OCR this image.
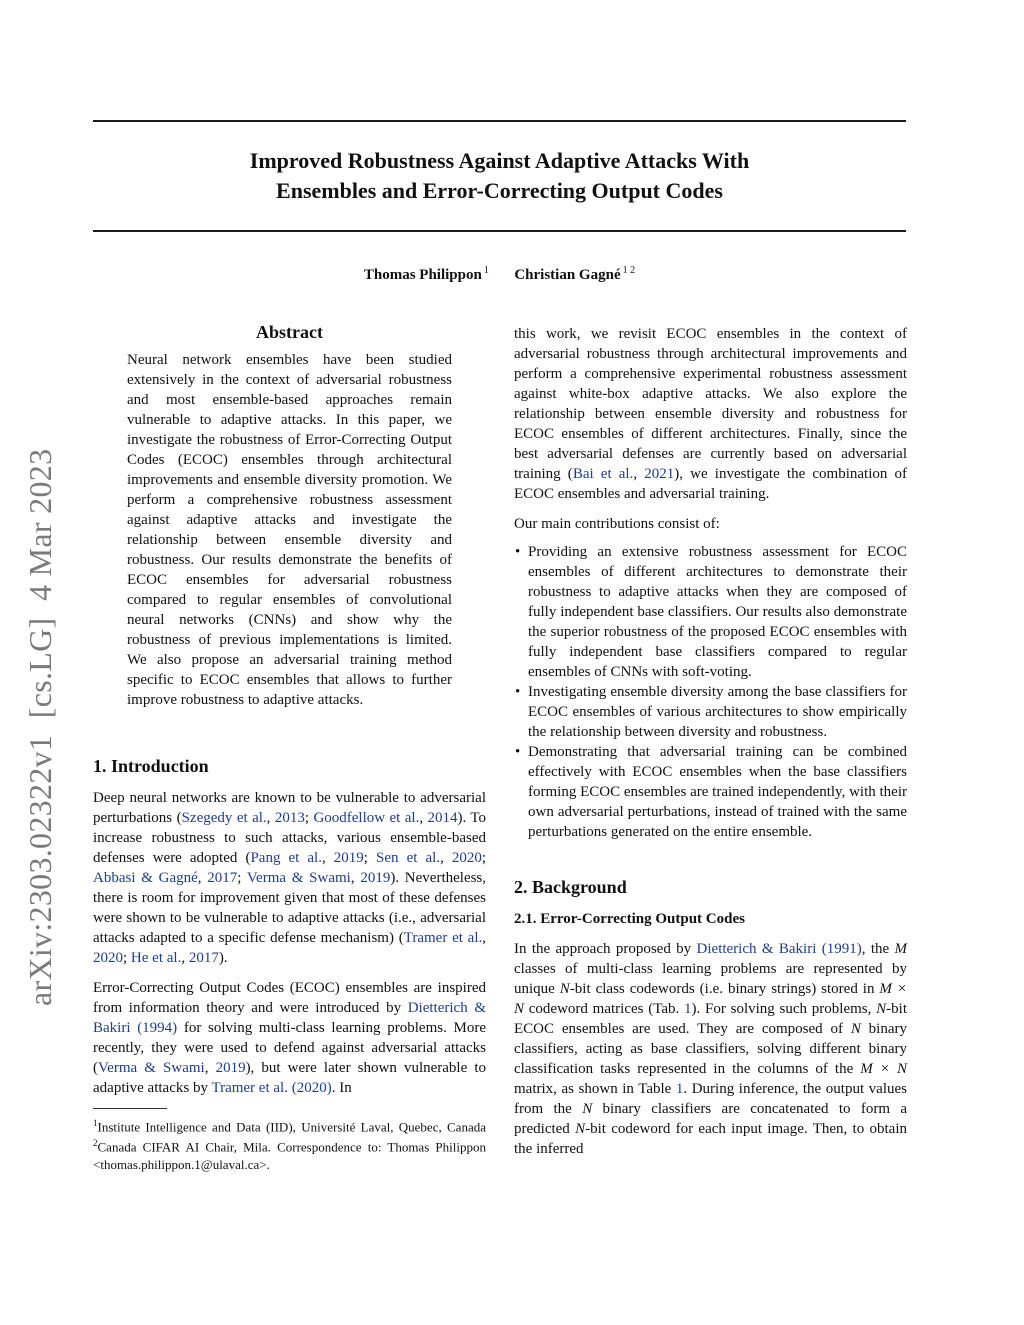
arXiv:2303.02322v1  [cs.LG]  4 Mar 2023
Improved Robustness Against Adaptive Attacks With
Ensembles and Error-Correcting Output Codes
Thomas Philippon $^1$ Christian Gagné $^{1 2}$
Abstract

Neural network ensembles have been studied extensively in the context of adversarial robustness and most ensemble-based approaches remain vulnerable to adaptive attacks. In this paper, we investigate the robustness of Error-Correcting Output Codes (ECOC) ensembles through architectural improvements and ensemble diversity promotion. We perform a comprehensive robustness assessment against adaptive attacks and investigate the relationship between ensemble diversity and robustness. Our results demonstrate the benefits of ECOC ensembles for adversarial robustness compared to regular ensembles of convolutional neural networks (CNNs) and show why the robustness of previous implementations is limited. We also propose an adversarial training method specific to ECOC ensembles that allows to further improve robustness to adaptive attacks.

1. Introduction

Deep neural networks are known to be vulnerable to adversarial perturbations (Szegedy et al., 2013; Goodfellow et al., 2014). To increase robustness to such attacks, various ensemble-based defenses were adopted (Pang et al., 2019; Sen et al., 2020; Abbasi & Gagné, 2017; Verma & Swami, 2019). Nevertheless, there is room for improvement given that most of these defenses were shown to be vulnerable to adaptive attacks (i.e., adversarial attacks adapted to a specific defense mechanism) (Tramer et al., 2020; He et al., 2017).

Error-Correcting Output Codes (ECOC) ensembles are inspired from information theory and were introduced by Dietterich & Bakiri (1994) for solving multi-class learning problems. More recently, they were used to defend against adversarial attacks (Verma & Swami, 2019), but were later shown vulnerable to adaptive attacks by Tramer et al. (2020). In

$^1$Institute Intelligence and Data (IID), Université Laval, Quebec, Canada $^2$Canada CIFAR AI Chair, Mila. Correspondence to: Thomas Philippon <thomas.philippon.1@ulaval.ca>.

this work, we revisit ECOC ensembles in the context of adversarial robustness through architectural improvements and perform a comprehensive experimental robustness assessment against white-box adaptive attacks. We also explore the relationship between ensemble diversity and robustness for ECOC ensembles of different architectures. Finally, since the best adversarial defenses are currently based on adversarial training (Bai et al., 2021), we investigate the combination of ECOC ensembles and adversarial training.

Our main contributions consist of:

• Providing an extensive robustness assessment for ECOC ensembles of different architectures to demonstrate their robustness to adaptive attacks when they are composed of fully independent base classifiers. Our results also demonstrate the superior robustness of the proposed ECOC ensembles with fully independent base classifiers compared to regular ensembles of CNNs with soft-voting.
• Investigating ensemble diversity among the base classifiers for ECOC ensembles of various architectures to show empirically the relationship between diversity and robustness.
• Demonstrating that adversarial training can be combined effectively with ECOC ensembles when the base classifiers forming ECOC ensembles are trained independently, with their own adversarial perturbations, instead of trained with the same perturbations generated on the entire ensemble.
2. Background
2.1. Error-Correcting Output Codes

In the approach proposed by Dietterich & Bakiri (1991), the M classes of multi-class learning problems are represented by unique N-bit class codewords (i.e. binary strings) stored in M × N codeword matrices (Tab. 1). For solving such problems, N-bit ECOC ensembles are used. They are composed of N binary classifiers, acting as base classifiers, solving different binary classification tasks represented in the columns of the M × N matrix, as shown in Table 1. During inference, the output values from the N binary classifiers are concatenated to form a predicted N-bit codeword for each input image. Then, to obtain the inferred
